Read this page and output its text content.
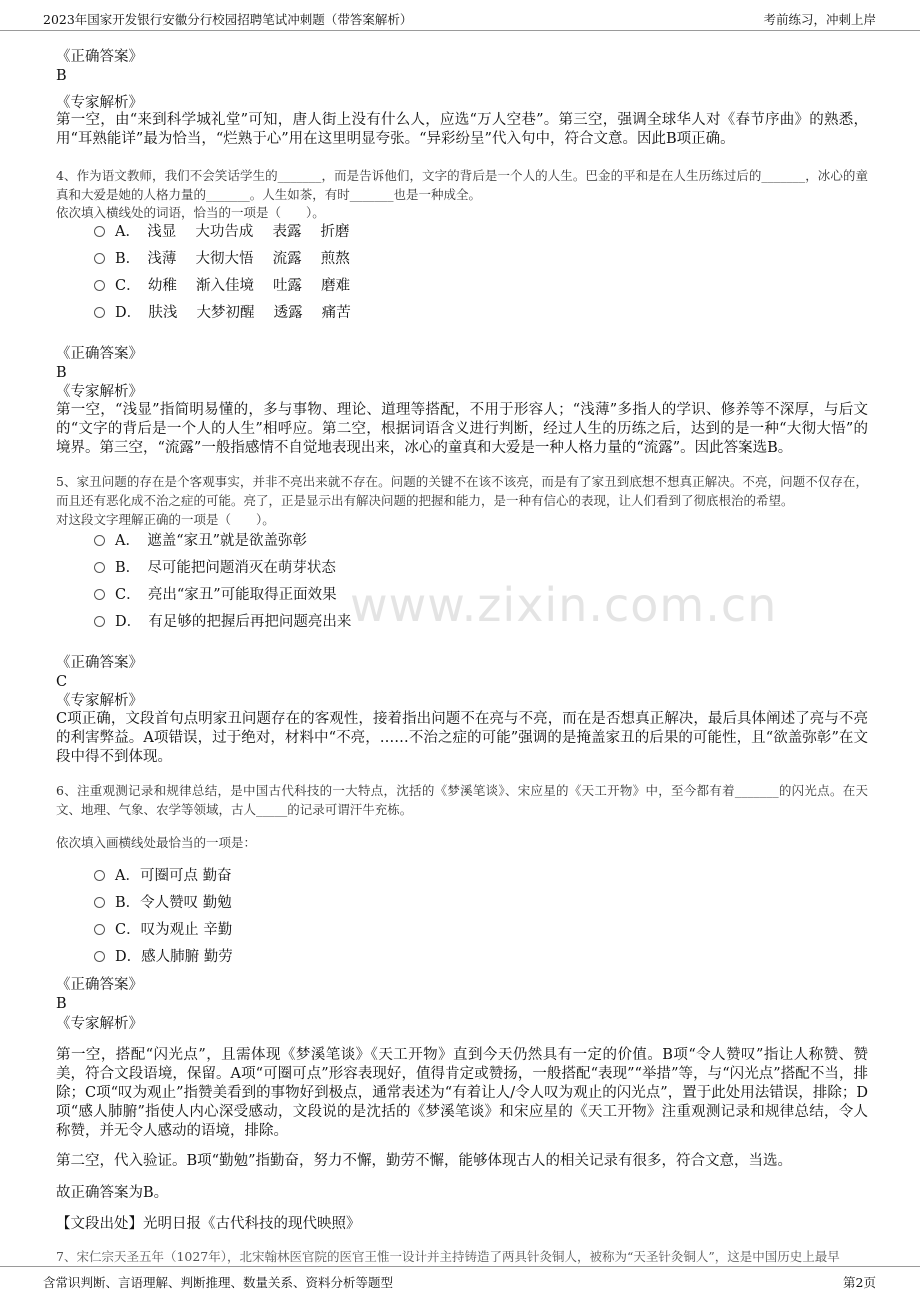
2023年国家开发银行安徽分行校园招聘笔试冲刺题（带答案解析）	考前练习，冲刺上岸
www.zixin.com.cn
《正确答案》
B
《专家解析》
第一空，由“来到科学城礼堂”可知，唐人街上没有什么人，应选“万人空巷”。第三空，强调全球华人对《春节序曲》的熟悉，用“耳熟能详”最为恰当，“烂熟于心”用在这里明显夸张。“异彩纷呈”代入句中，符合文意。因此B项正确。
4、作为语文教师，我们不会笑话学生的_______，而是告诉他们，文字的背后是一个人的人生。巴金的平和是在人生历练过后的_______，冰心的童真和大爱是她的人格力量的_______。人生如茶，有时_______也是一种成全。
依次填入横线处的词语，恰当的一项是（　　）。
A．　浅显　 大功告成　 表露　 折磨
B．　浅薄　 大彻大悟　 流露　 煎熬
C．　幼稚　 渐入佳境　 吐露　 磨难
D．　肤浅　 大梦初醒　 透露　 痛苦
《正确答案》
B
《专家解析》
第一空，“浅显”指简明易懂的，多与事物、理论、道理等搭配，不用于形容人；“浅薄”多指人的学识、修养等不深厚，与后文的“文字的背后是一个人的人生”相呼应。第二空，根据词语含义进行判断，经过人生的历练之后，达到的是一种“大彻大悟”的境界。第三空，“流露”一般指感情不自觉地表现出来，冰心的童真和大爱是一种人格力量的“流露”。因此答案选B。
5、家丑问题的存在是个客观事实，并非不亮出来就不存在。问题的关键不在该不该亮，而是有了家丑到底想不想真正解决。不亮，问题不仅存在，而且还有恶化成不治之症的可能。亮了，正是显示出有解决问题的把握和能力，是一种有信心的表现，让人们看到了彻底根治的希望。
对这段文字理解正确的一项是（　　）。
A．　遮盖“家丑”就是欲盖弥彰
B．　尽可能把问题消灭在萌芽状态
C．　亮出“家丑”可能取得正面效果
D．　有足够的把握后再把问题亮出来
《正确答案》
C
《专家解析》
C项正确，文段首句点明家丑问题存在的客观性，接着指出问题不在亮与不亮，而在是否想真正解决，最后具体阐述了亮与不亮的利害弊益。A项错误，过于绝对，材料中“不亮，……不治之症的可能”强调的是掩盖家丑的后果的可能性，且“欲盖弥彰”在文段中得不到体现。
6、注重观测记录和规律总结，是中国古代科技的一大特点，沈括的《梦溪笔谈》、宋应星的《天工开物》中，至今都有着_______的闪光点。在天文、地理、气象、农学等领域，古人_____的记录可谓汗牛充栋。
依次填入画横线处最恰当的一项是：
A．可圈可点 勤奋
B．令人赞叹 勤勉
C．叹为观止 辛勤
D．感人肺腑 勤劳
《正确答案》
B
《专家解析》
第一空，搭配“闪光点”，且需体现《梦溪笔谈》《天工开物》直到今天仍然具有一定的价值。B项“令人赞叹”指让人称赞、赞美，符合文段语境，保留。A项“可圈可点”形容表现好，值得肯定或赞扬，一般搭配“表现”“举措”等，与“闪光点”搭配不当，排除；C项“叹为观止”指赞美看到的事物好到极点，通常表述为“有着让人/令人叹为观止的闪光点”，置于此处用法错误，排除；D项“感人肺腑”指使人内心深受感动，文段说的是沈括的《梦溪笔谈》和宋应星的《天工开物》注重观测记录和规律总结，令人称赞，并无令人感动的语境，排除。
第二空，代入验证。B项“勤勉”指勤奋，努力不懈，勤劳不懈，能够体现古人的相关记录有很多，符合文意，当选。
故正确答案为B。
【文段出处】光明日报《古代科技的现代映照》
7、宋仁宗天圣五年（1027年），北宋翰林医官院的医官王惟一设计并主持铸造了两具针灸铜人，被称为“天圣针灸铜人”，这是中国历史上最早
含常识判断、言语理解、判断推理、数量关系、资料分析等题型	第2页
